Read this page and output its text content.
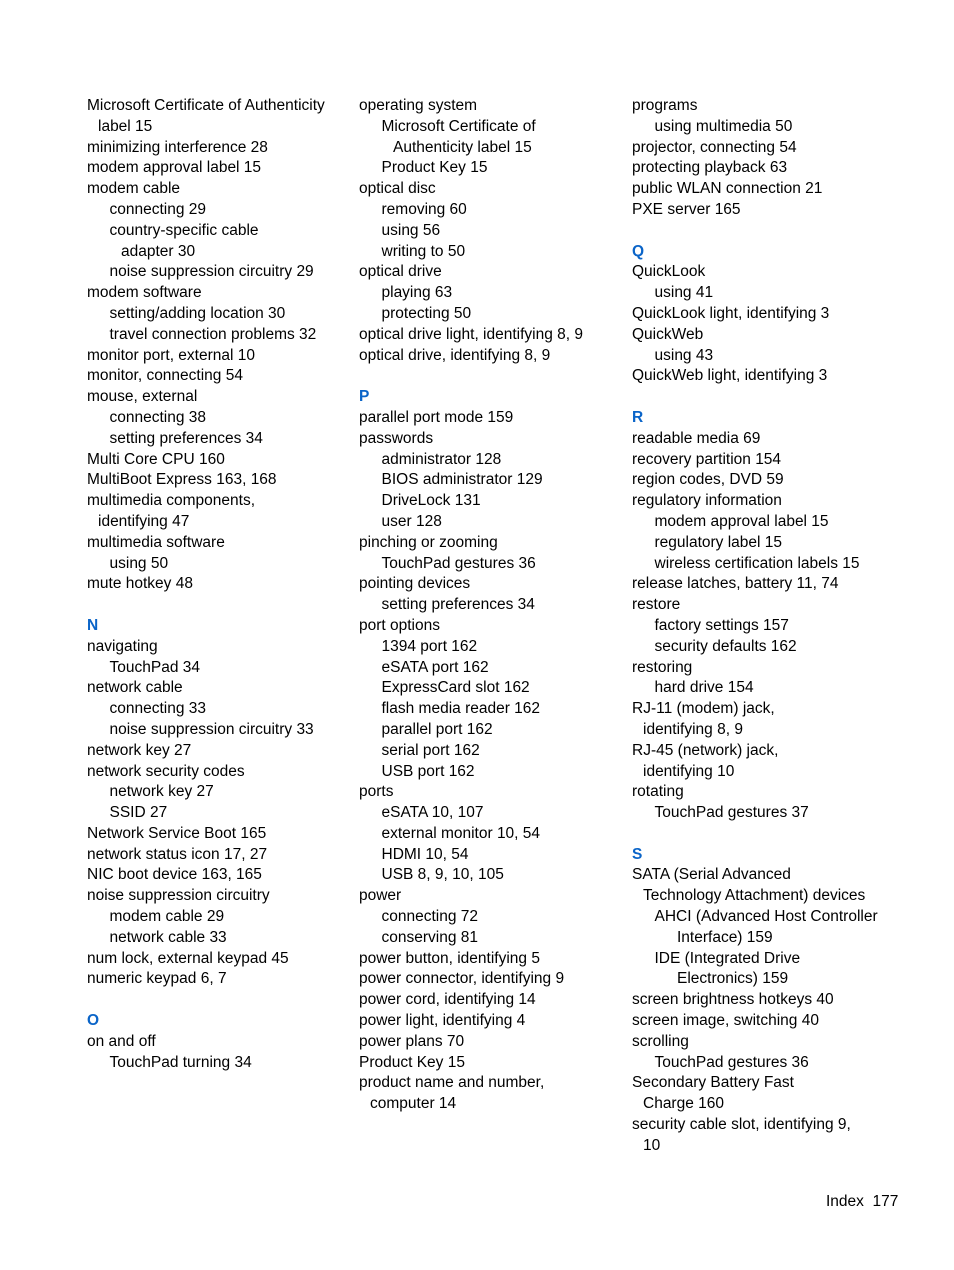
Microsoft Certificate of Authenticity
label 15
minimizing interference 28
modem approval label 15
modem cable
connecting 29
country-specific cable
adapter 30
noise suppression circuitry 29
modem software
setting/adding location 30
travel connection problems 32
monitor port, external 10
monitor, connecting 54
mouse, external
connecting 38
setting preferences 34
Multi Core CPU 160
MultiBoot Express 163, 168
multimedia components,
identifying 47
multimedia software
using 50
mute hotkey 48
N
navigating
TouchPad 34
network cable
connecting 33
noise suppression circuitry 33
network key 27
network security codes
network key 27
SSID 27
Network Service Boot 165
network status icon 17, 27
NIC boot device 163, 165
noise suppression circuitry
modem cable 29
network cable 33
num lock, external keypad 45
numeric keypad 6, 7
O
on and off
TouchPad turning 34
operating system
Microsoft Certificate of
Authenticity label 15
Product Key 15
optical disc
removing 60
using 56
writing to 50
optical drive
playing 63
protecting 50
optical drive light, identifying 8, 9
optical drive, identifying 8, 9
P
parallel port mode 159
passwords
administrator 128
BIOS administrator 129
DriveLock 131
user 128
pinching or zooming
TouchPad gestures 36
pointing devices
setting preferences 34
port options
1394 port 162
eSATA port 162
ExpressCard slot 162
flash media reader 162
parallel port 162
serial port 162
USB port 162
ports
eSATA 10, 107
external monitor 10, 54
HDMI 10, 54
USB 8, 9, 10, 105
power
connecting 72
conserving 81
power button, identifying 5
power connector, identifying 9
power cord, identifying 14
power light, identifying 4
power plans 70
Product Key 15
product name and number,
computer 14
programs
using multimedia 50
projector, connecting 54
protecting playback 63
public WLAN connection 21
PXE server 165
Q
QuickLook
using 41
QuickLook light, identifying 3
QuickWeb
using 43
QuickWeb light, identifying 3
R
readable media 69
recovery partition 154
region codes, DVD 59
regulatory information
modem approval label 15
regulatory label 15
wireless certification labels 15
release latches, battery 11, 74
restore
factory settings 157
security defaults 162
restoring
hard drive 154
RJ-11 (modem) jack,
identifying 8, 9
RJ-45 (network) jack,
identifying 10
rotating
TouchPad gestures 37
S
SATA (Serial Advanced
Technology Attachment) devices
AHCI (Advanced Host Controller
Interface) 159
IDE (Integrated Drive
Electronics) 159
screen brightness hotkeys 40
screen image, switching 40
scrolling
TouchPad gestures 36
Secondary Battery Fast
Charge 160
security cable slot, identifying 9,
10
Index 177
